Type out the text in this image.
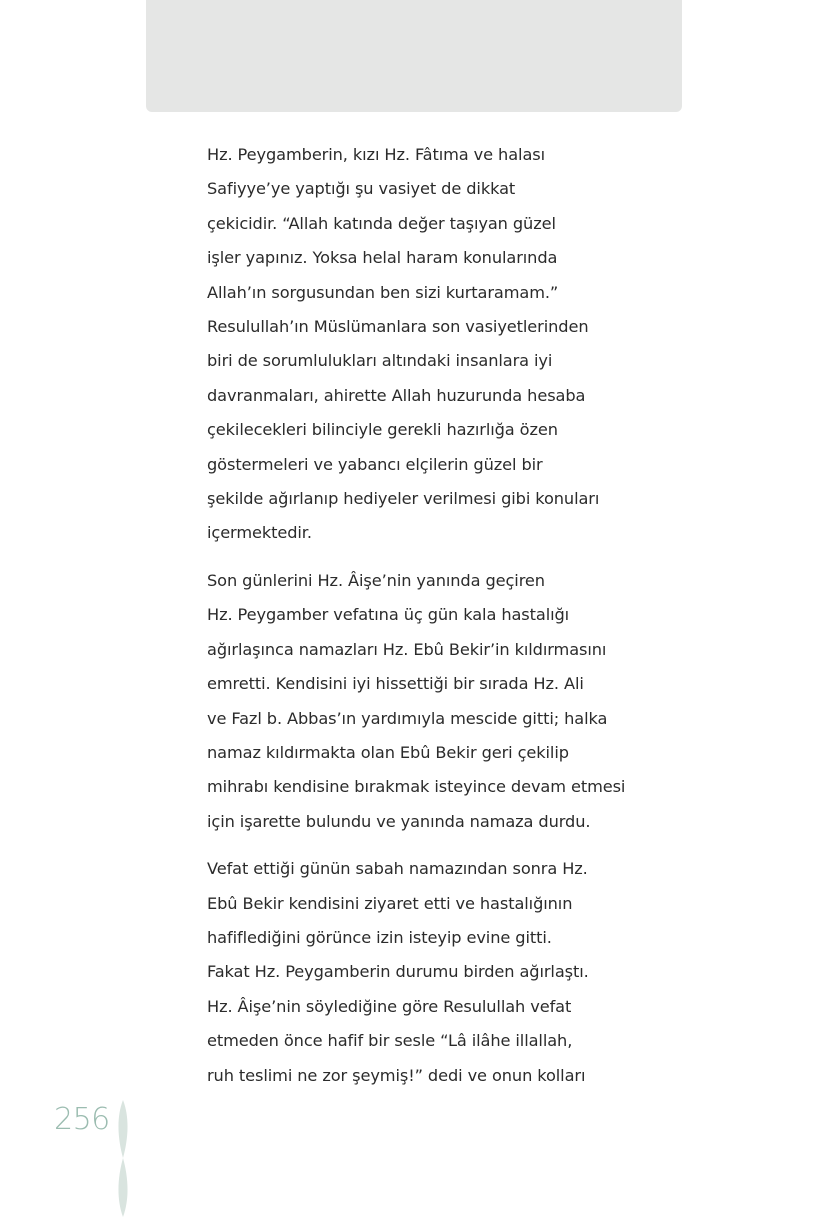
Hz. Peygamberin, kızı Hz. Fâtıma ve halası
Safiyye’ye yaptığı şu vasiyet de dikkat
çekicidir. “Allah katında değer taşıyan güzel
işler yapınız. Yoksa helal haram konularında
Allah’ın sorgusundan ben sizi kurtaramam.”
Resulullah’ın Müslümanlara son vasiyetlerinden
biri de sorumlulukları altındaki insanlara iyi
davranmaları, ahirette Allah huzurunda hesaba
çekilecekleri bilinciyle gerekli hazırlığa özen
göstermeleri ve yabancı elçilerin güzel bir
şekilde ağırlanıp hediyeler verilmesi gibi konuları
içermektedir.

Son günlerini Hz. Âişe’nin yanında geçiren
Hz. Peygamber vefatına üç gün kala hastalığı
ağırlaşınca namazları Hz. Ebû Bekir’in kıldırmasını
emretti. Kendisini iyi hissettiği bir sırada Hz. Ali
ve Fazl b. Abbas’ın yardımıyla mescide gitti; halka
namaz kıldırmakta olan Ebû Bekir geri çekilip
mihrabı kendisine bırakmak isteyince devam etmesi
için işarette bulundu ve yanında namaza durdu.

Vefat ettiği günün sabah namazından sonra Hz.
Ebû Bekir kendisini ziyaret etti ve hastalığının
hafiflediğini görünce izin isteyip evine gitti.
Fakat Hz. Peygamberin durumu birden ağırlaştı.
Hz. Âişe’nin söylediğine göre Resulullah vefat
etmeden önce hafif bir sesle “Lâ ilâhe illallah,
ruh teslimi ne zor şeymiş!” dedi ve onun kolları

256
